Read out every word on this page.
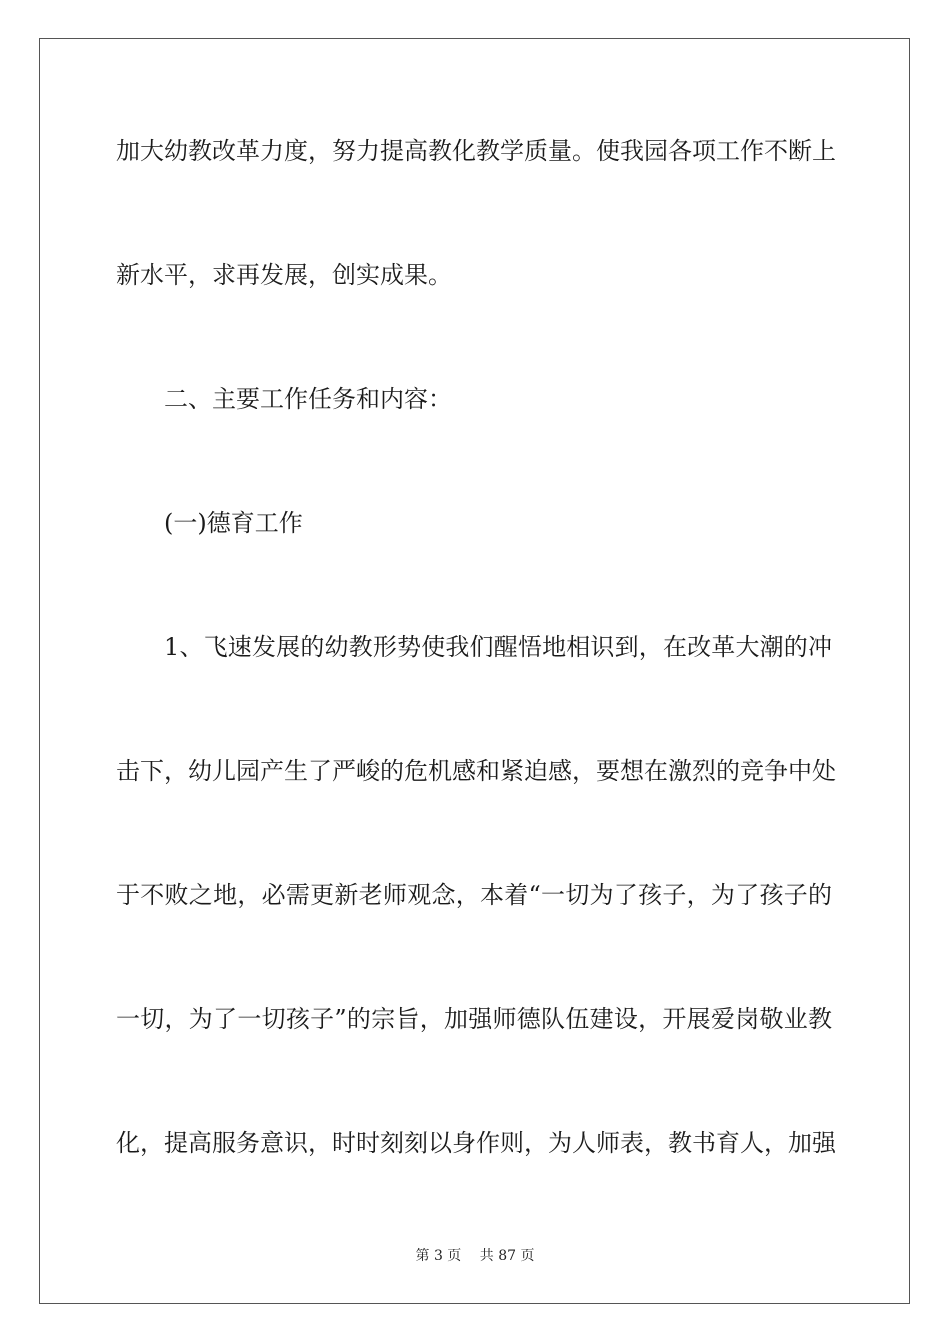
加大幼教改革力度，努力提高教化教学质量。使我园各项工作不断上
新水平，求再发展，创实成果。
二、主要工作任务和内容：
(一)德育工作
1、飞速发展的幼教形势使我们醒悟地相识到，在改革大潮的冲
击下，幼儿园产生了严峻的危机感和紧迫感，要想在激烈的竞争中处
于不败之地，必需更新老师观念，本着“一切为了孩子，为了孩子的
一切，为了一切孩子”的宗旨，加强师德队伍建设，开展爱岗敬业教
化，提高服务意识，时时刻刻以身作则，为人师表，教书育人，加强
第 3 页　 共 87 页
